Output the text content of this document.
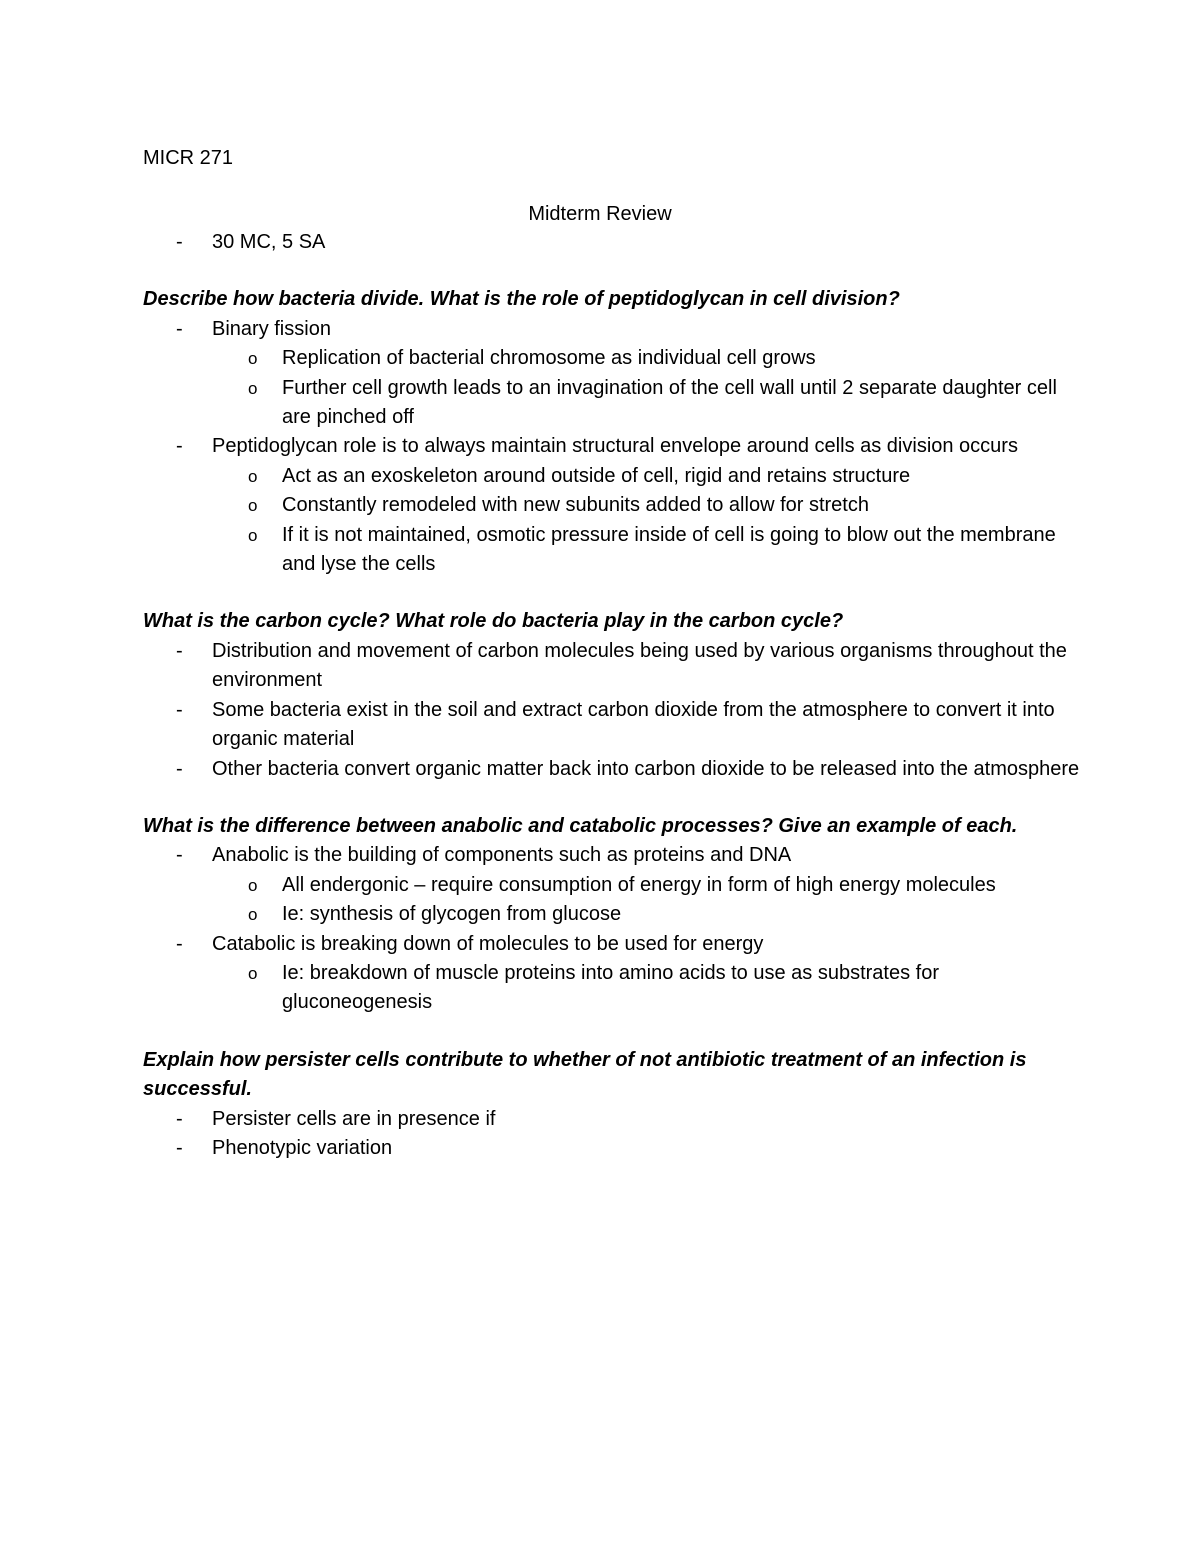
MICR 271

Midterm Review
- 30 MC, 5 SA

Describe how bacteria divide. What is the role of peptidoglycan in cell division?

- Binary fission
o Replication of bacterial chromosome as individual cell grows
o Further cell growth leads to an invagination of the cell wall until 2 separate daughter cell are pinched off
- Peptidoglycan role is to always maintain structural envelope around cells as division occurs
o Act as an exoskeleton around outside of cell, rigid and retains structure
o Constantly remodeled with new subunits added to allow for stretch
o If it is not maintained, osmotic pressure inside of cell is going to blow out the membrane and lyse the cells

What is the carbon cycle? What role do bacteria play in the carbon cycle?

- Distribution and movement of carbon molecules being used by various organisms throughout the environment
- Some bacteria exist in the soil and extract carbon dioxide from the atmosphere to convert it into organic material
- Other bacteria convert organic matter back into carbon dioxide to be released into the atmosphere

What is the difference between anabolic and catabolic processes? Give an example of each.

- Anabolic is the building of components such as proteins and DNA
o All endergonic – require consumption of energy in form of high energy molecules
o Ie: synthesis of glycogen from glucose
- Catabolic is breaking down of molecules to be used for energy
o Ie: breakdown of muscle proteins into amino acids to use as substrates for gluconeogenesis

Explain how persister cells contribute to whether of not antibiotic treatment of an infection is successful.

- Persister cells are in presence if
- Phenotypic variation
